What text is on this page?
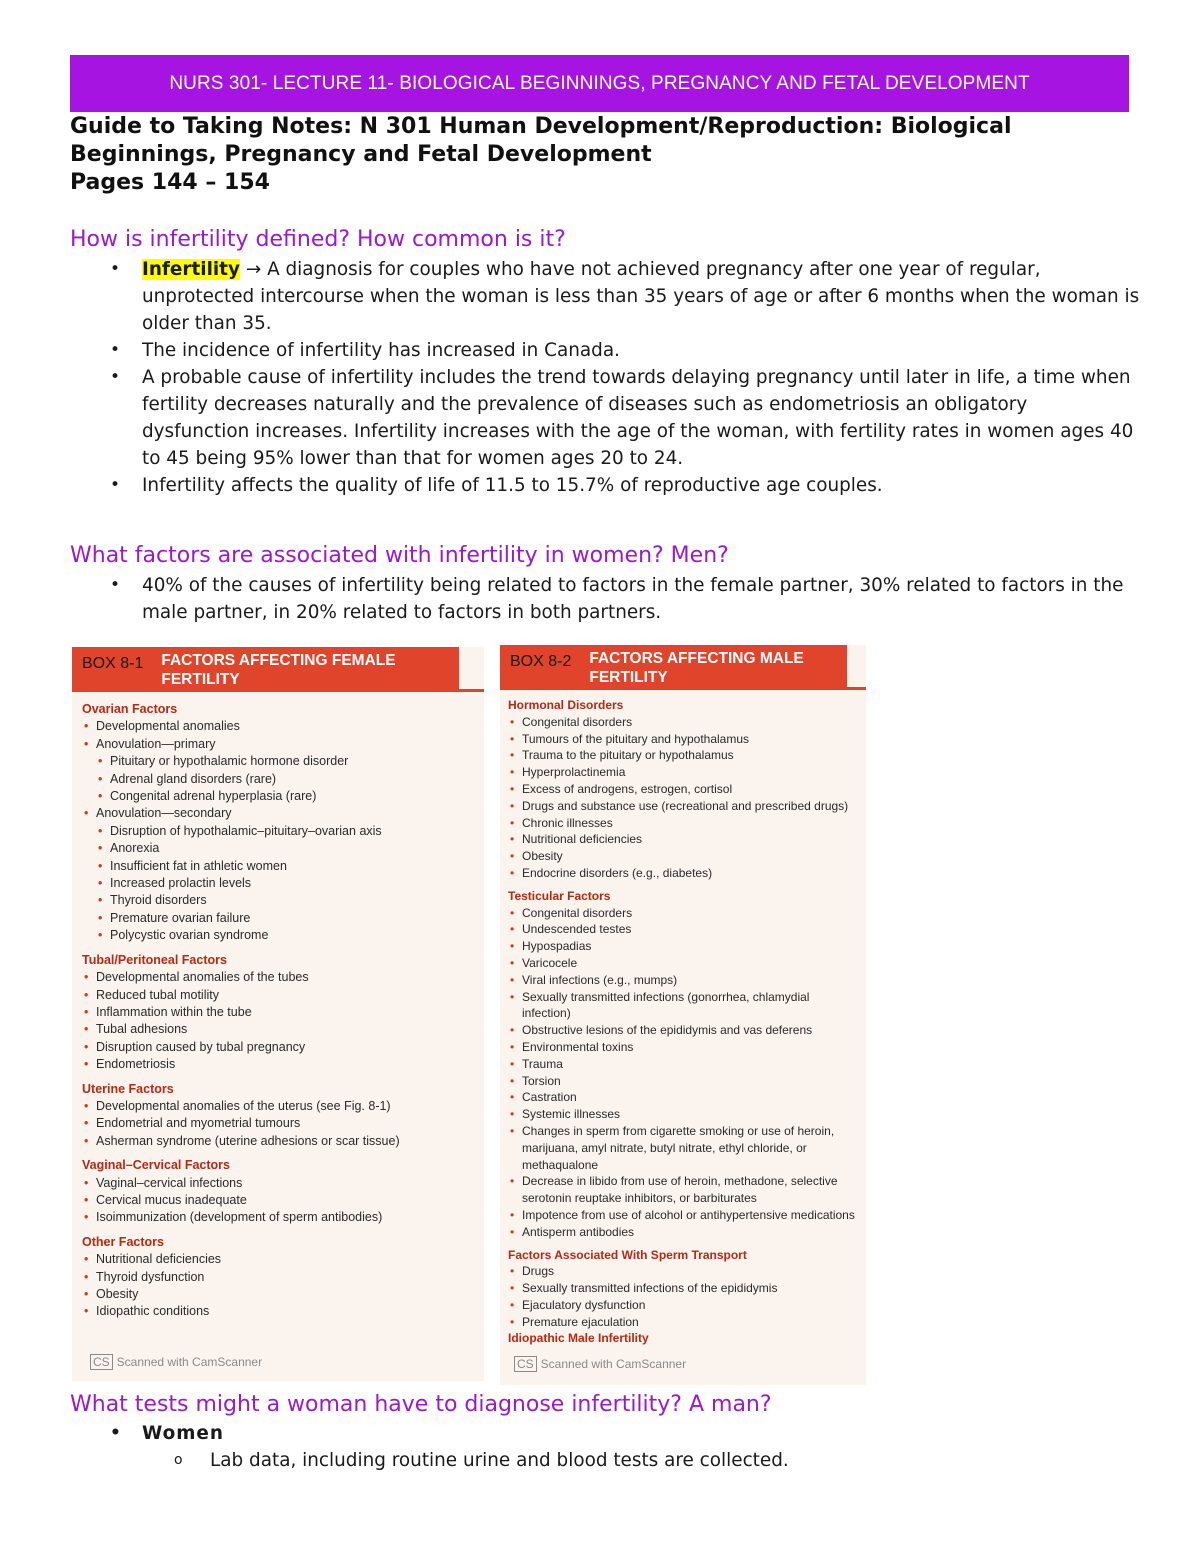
NURS 301- LECTURE 11- BIOLOGICAL BEGINNINGS, PREGNANCY AND FETAL DEVELOPMENT
Guide to Taking Notes: N 301 Human Development/Reproduction: Biological
Beginnings, Pregnancy and Fetal Development
Pages 144 – 154
How is infertility defined? How common is it?
• Infertility → A diagnosis for couples who have not achieved pregnancy after one year of regular, unprotected intercourse when the woman is less than 35 years of age or after 6 months when the woman is older than 35.
• The incidence of infertility has increased in Canada.
• A probable cause of infertility includes the trend towards delaying pregnancy until later in life, a time when fertility decreases naturally and the prevalence of diseases such as endometriosis an obligatory dysfunction increases. Infertility increases with the age of the woman, with fertility rates in women ages 40 to 45 being 95% lower than that for women ages 20 to 24.
• Infertility affects the quality of life of 11.5 to 15.7% of reproductive age couples.
What factors are associated with infertility in women? Men?
• 40% of the causes of infertility being related to factors in the female partner, 30% related to factors in the male partner, in 20% related to factors in both partners.
BOX 8-1	FACTORS AFFECTING FEMALE
FERTILITY
Ovarian Factors
• Developmental anomalies
• Anovulation—primary
• Pituitary or hypothalamic hormone disorder
• Adrenal gland disorders (rare)
• Congenital adrenal hyperplasia (rare)
• Anovulation—secondary
• Disruption of hypothalamic–pituitary–ovarian axis
• Anorexia
• Insufficient fat in athletic women
• Increased prolactin levels
• Thyroid disorders
• Premature ovarian failure
• Polycystic ovarian syndrome
Tubal/Peritoneal Factors
• Developmental anomalies of the tubes
• Reduced tubal motility
• Inflammation within the tube
• Tubal adhesions
• Disruption caused by tubal pregnancy
• Endometriosis
Uterine Factors
• Developmental anomalies of the uterus (see Fig. 8-1)
• Endometrial and myometrial tumours
• Asherman syndrome (uterine adhesions or scar tissue)
Vaginal–Cervical Factors
• Vaginal–cervical infections
• Cervical mucus inadequate
• Isoimmunization (development of sperm antibodies)
Other Factors
• Nutritional deficiencies
• Thyroid dysfunction
• Obesity
• Idiopathic conditions
CS Scanned with CamScanner
BOX 8-2	FACTORS AFFECTING MALE
FERTILITY
Hormonal Disorders
• Congenital disorders
• Tumours of the pituitary and hypothalamus
• Trauma to the pituitary or hypothalamus
• Hyperprolactinemia
• Excess of androgens, estrogen, cortisol
• Drugs and substance use (recreational and prescribed drugs)
• Chronic illnesses
• Nutritional deficiencies
• Obesity
• Endocrine disorders (e.g., diabetes)
Testicular Factors
• Congenital disorders
• Undescended testes
• Hypospadias
• Varicocele
• Viral infections (e.g., mumps)
• Sexually transmitted infections (gonorrhea, chlamydial infection)
• Obstructive lesions of the epididymis and vas deferens
• Environmental toxins
• Trauma
• Torsion
• Castration
• Systemic illnesses
• Changes in sperm from cigarette smoking or use of heroin, marijuana, amyl nitrate, butyl nitrate, ethyl chloride, or methaqualone
• Decrease in libido from use of heroin, methadone, selective serotonin reuptake inhibitors, or barbiturates
• Impotence from use of alcohol or antihypertensive medications
• Antisperm antibodies
Factors Associated With Sperm Transport
• Drugs
• Sexually transmitted infections of the epididymis
• Ejaculatory dysfunction
• Premature ejaculation
Idiopathic Male Infertility
CS Scanned with CamScanner
What tests might a woman have to diagnose infertility? A man?
• Women
o Lab data, including routine urine and blood tests are collected.
